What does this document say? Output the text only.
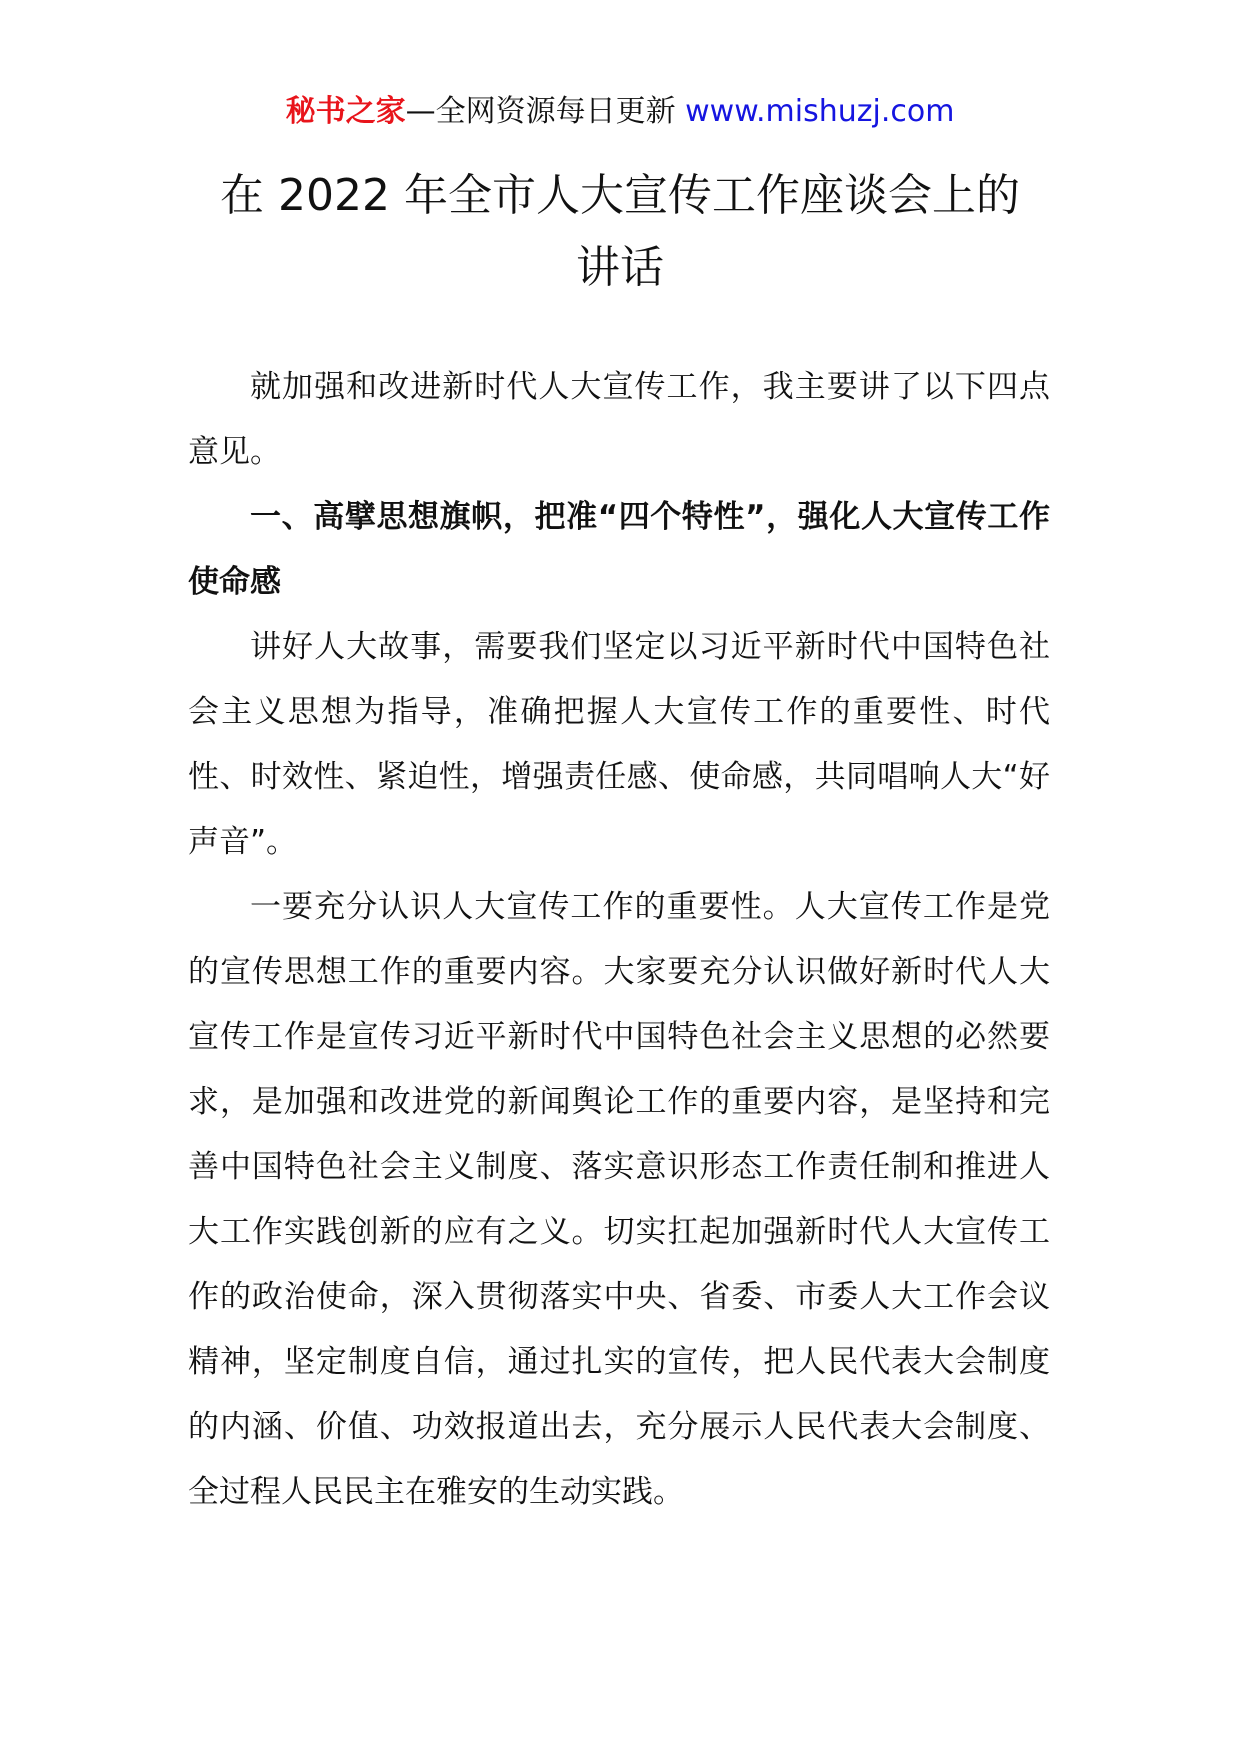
秘书之家—全网资源每日更新 www.mishuzj.com
在 2022 年全市人大宣传工作座谈会上的
讲话

就加强和改进新时代人大宣传工作，我主要讲了以下四点意见。

一、高擘思想旗帜，把准“四个特性”，强化人大宣传工作使命感

讲好人大故事，需要我们坚定以习近平新时代中国特色社会主义思想为指导，准确把握人大宣传工作的重要性、时代性、时效性、紧迫性，增强责任感、使命感，共同唱响人大“好声音”。

一要充分认识人大宣传工作的重要性。人大宣传工作是党的宣传思想工作的重要内容。大家要充分认识做好新时代人大宣传工作是宣传习近平新时代中国特色社会主义思想的必然要求，是加强和改进党的新闻舆论工作的重要内容，是坚持和完善中国特色社会主义制度、落实意识形态工作责任制和推进人大工作实践创新的应有之义。切实扛起加强新时代人大宣传工作的政治使命，深入贯彻落实中央、省委、市委人大工作会议精神，坚定制度自信，通过扎实的宣传，把人民代表大会制度的内涵、价值、功效报道出去，充分展示人民代表大会制度、全过程人民民主在雅安的生动实践。
